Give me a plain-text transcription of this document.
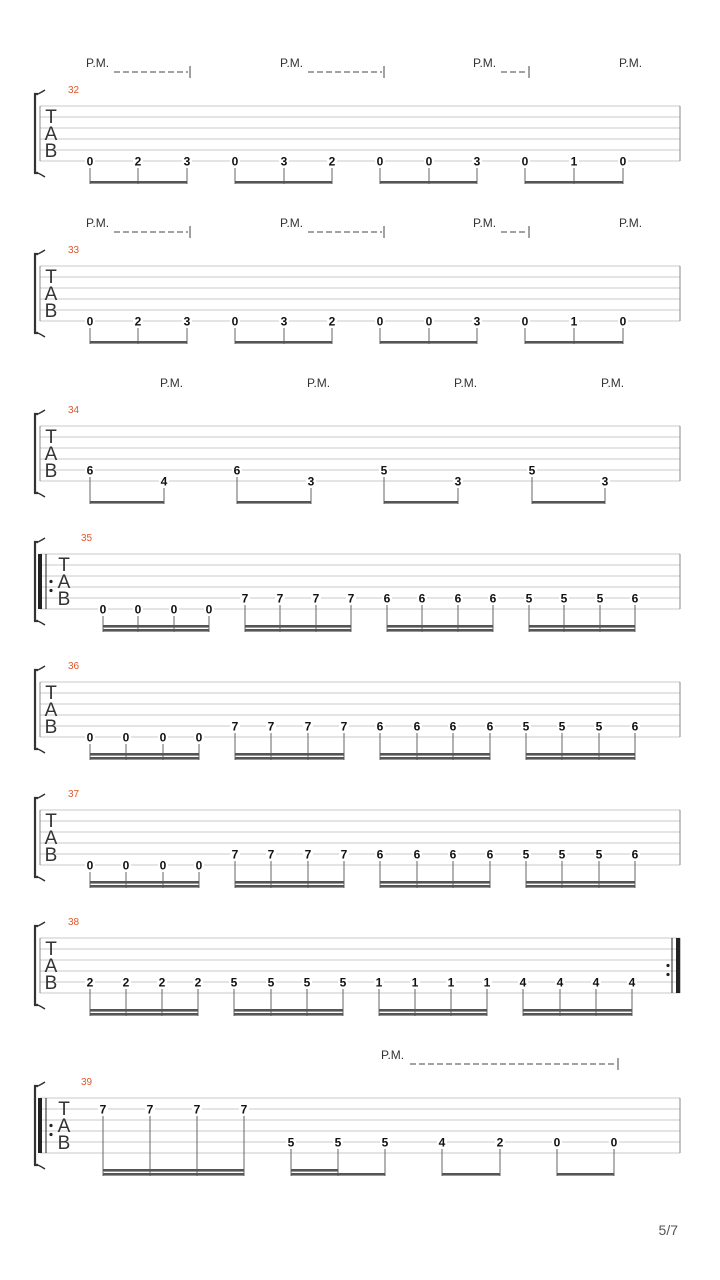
T
A
B
32
P.M.	P.M.	P.M.	P.M.
0	2	3	0	3	2	0	0	3	0	1	0
T
A
B
33
P.M.	P.M.	P.M.	P.M.
0	2	3	0	3	2	0	0	3	0	1	0
T
A
B
34
P.M.	P.M.	P.M.	P.M.
6
4
6
3
5
3
5
3
T
A
B
35
0 0 0 0
7 7 7 7 6 6 6 6 5 5 5 6
T
A
B
36
0 0	0 0
7 7	7 7 6	6 6	6 5 5	5 6
T
A
B
37
0 0	0 0
7 7	7 7 6	6 6	6 5 5	5 6
T
A
B
38
2 2 2 2 5	5 5 5 1 1 1 1 4	4 4 4
T
A
B
39
P.M.
7	7	7	7
5	5	5	4	2	0	0
5/7
